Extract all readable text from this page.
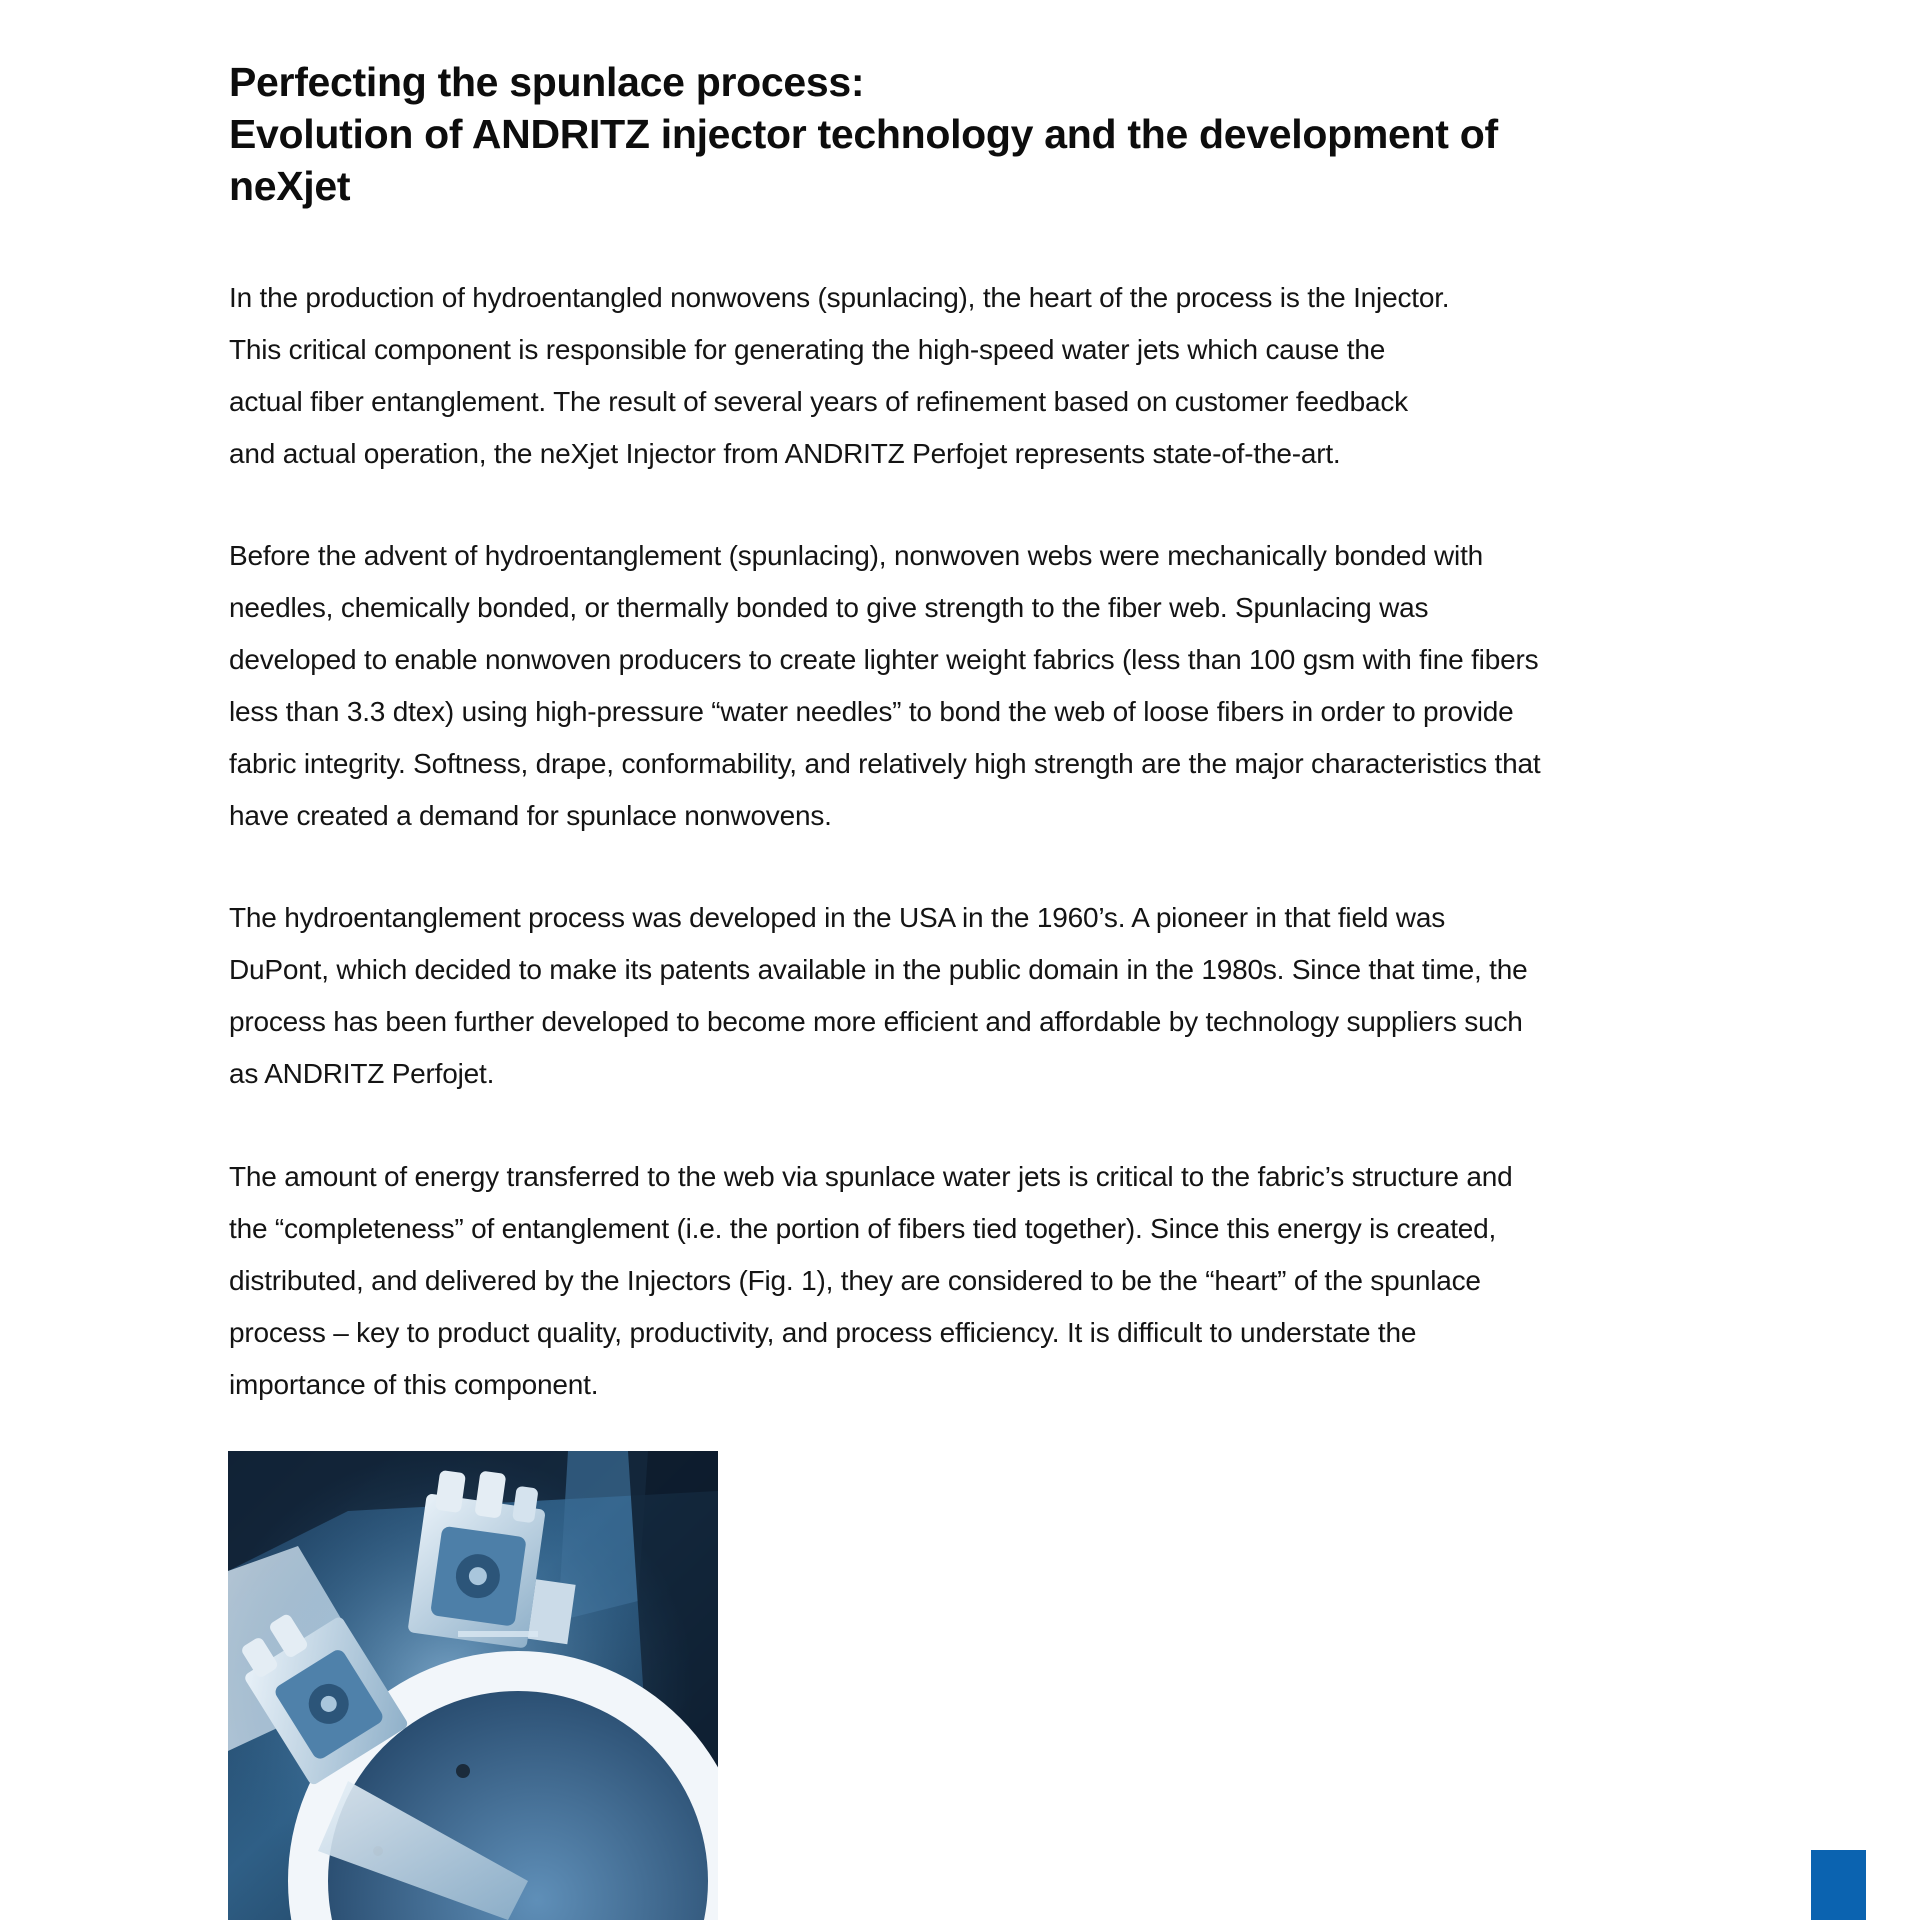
Perfecting the spunlace process:
Evolution of ANDRITZ injector technology and the development of
neXjet

In the production of hydroentangled nonwovens (spunlacing), the heart of the process is the Injector.
This critical component is responsible for generating the high-speed water jets which cause the
actual fiber entanglement. The result of several years of refinement based on customer feedback
and actual operation, the neXjet Injector from ANDRITZ Perfojet represents state-of-the-art.

Before the advent of hydroentanglement (spunlacing), nonwoven webs were mechanically bonded with
needles, chemically bonded, or thermally bonded to give strength to the fiber web. Spunlacing was
developed to enable nonwoven producers to create lighter weight fabrics (less than 100 gsm with fine fibers
less than 3.3 dtex) using high-pressure “water needles” to bond the web of loose fibers in order to provide
fabric integrity. Softness, drape, conformability, and relatively high strength are the major characteristics that
have created a demand for spunlace nonwovens.

The hydroentanglement process was developed in the USA in the 1960’s. A pioneer in that field was
DuPont, which decided to make its patents available in the public domain in the 1980s. Since that time, the
process has been further developed to become more efficient and affordable by technology suppliers such
as ANDRITZ Perfojet.

The amount of energy transferred to the web via spunlace water jets is critical to the fabric’s structure and
the “completeness” of entanglement (i.e. the portion of fibers tied together). Since this energy is created,
distributed, and delivered by the Injectors (Fig. 1), they are considered to be the “heart” of the spunlace
process – key to product quality, productivity, and process efficiency. It is difficult to understate the
importance of this component.
